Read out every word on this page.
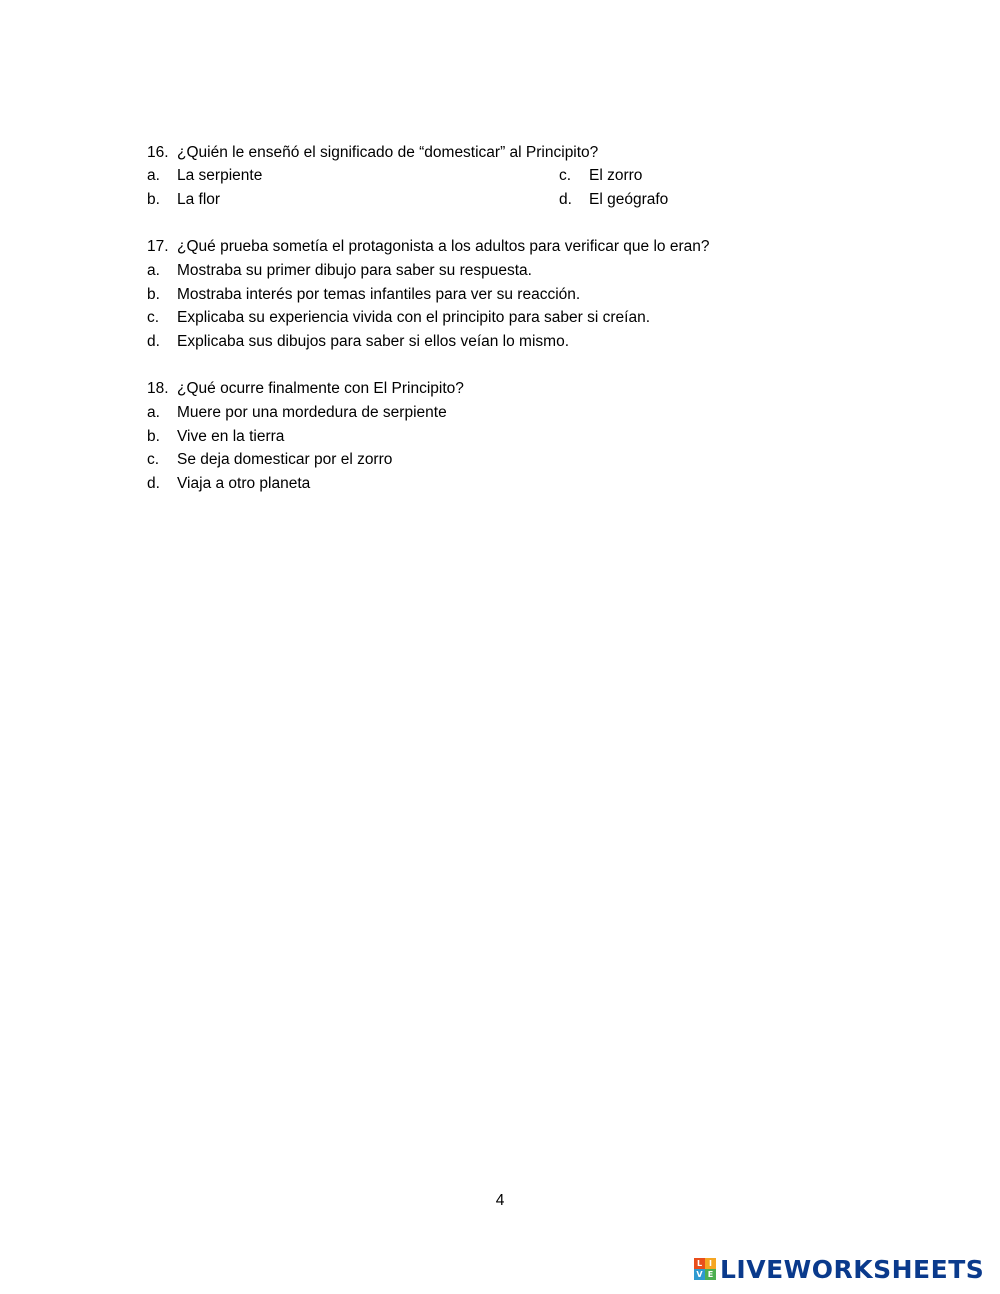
16. ¿Quién le enseñó el significado de “domesticar” al Principito?
a. La serpiente	c. El zorro
b. La flor	d. El geógrafo
17. ¿Qué prueba sometía el protagonista a los adultos para verificar que lo eran?
a. Mostraba su primer dibujo para saber su respuesta.
b. Mostraba interés por temas infantiles para ver su reacción.
c. Explicaba su experiencia vivida con el principito para saber si creían.
d. Explicaba sus dibujos para saber si ellos veían lo mismo.
18. ¿Qué ocurre finalmente con El Principito?
a. Muere por una mordedura de serpiente
b. Vive en la tierra
c. Se deja domesticar por el zorro
d. Viaja a otro planeta
4
L I
V E LIVEWORKSHEETS
